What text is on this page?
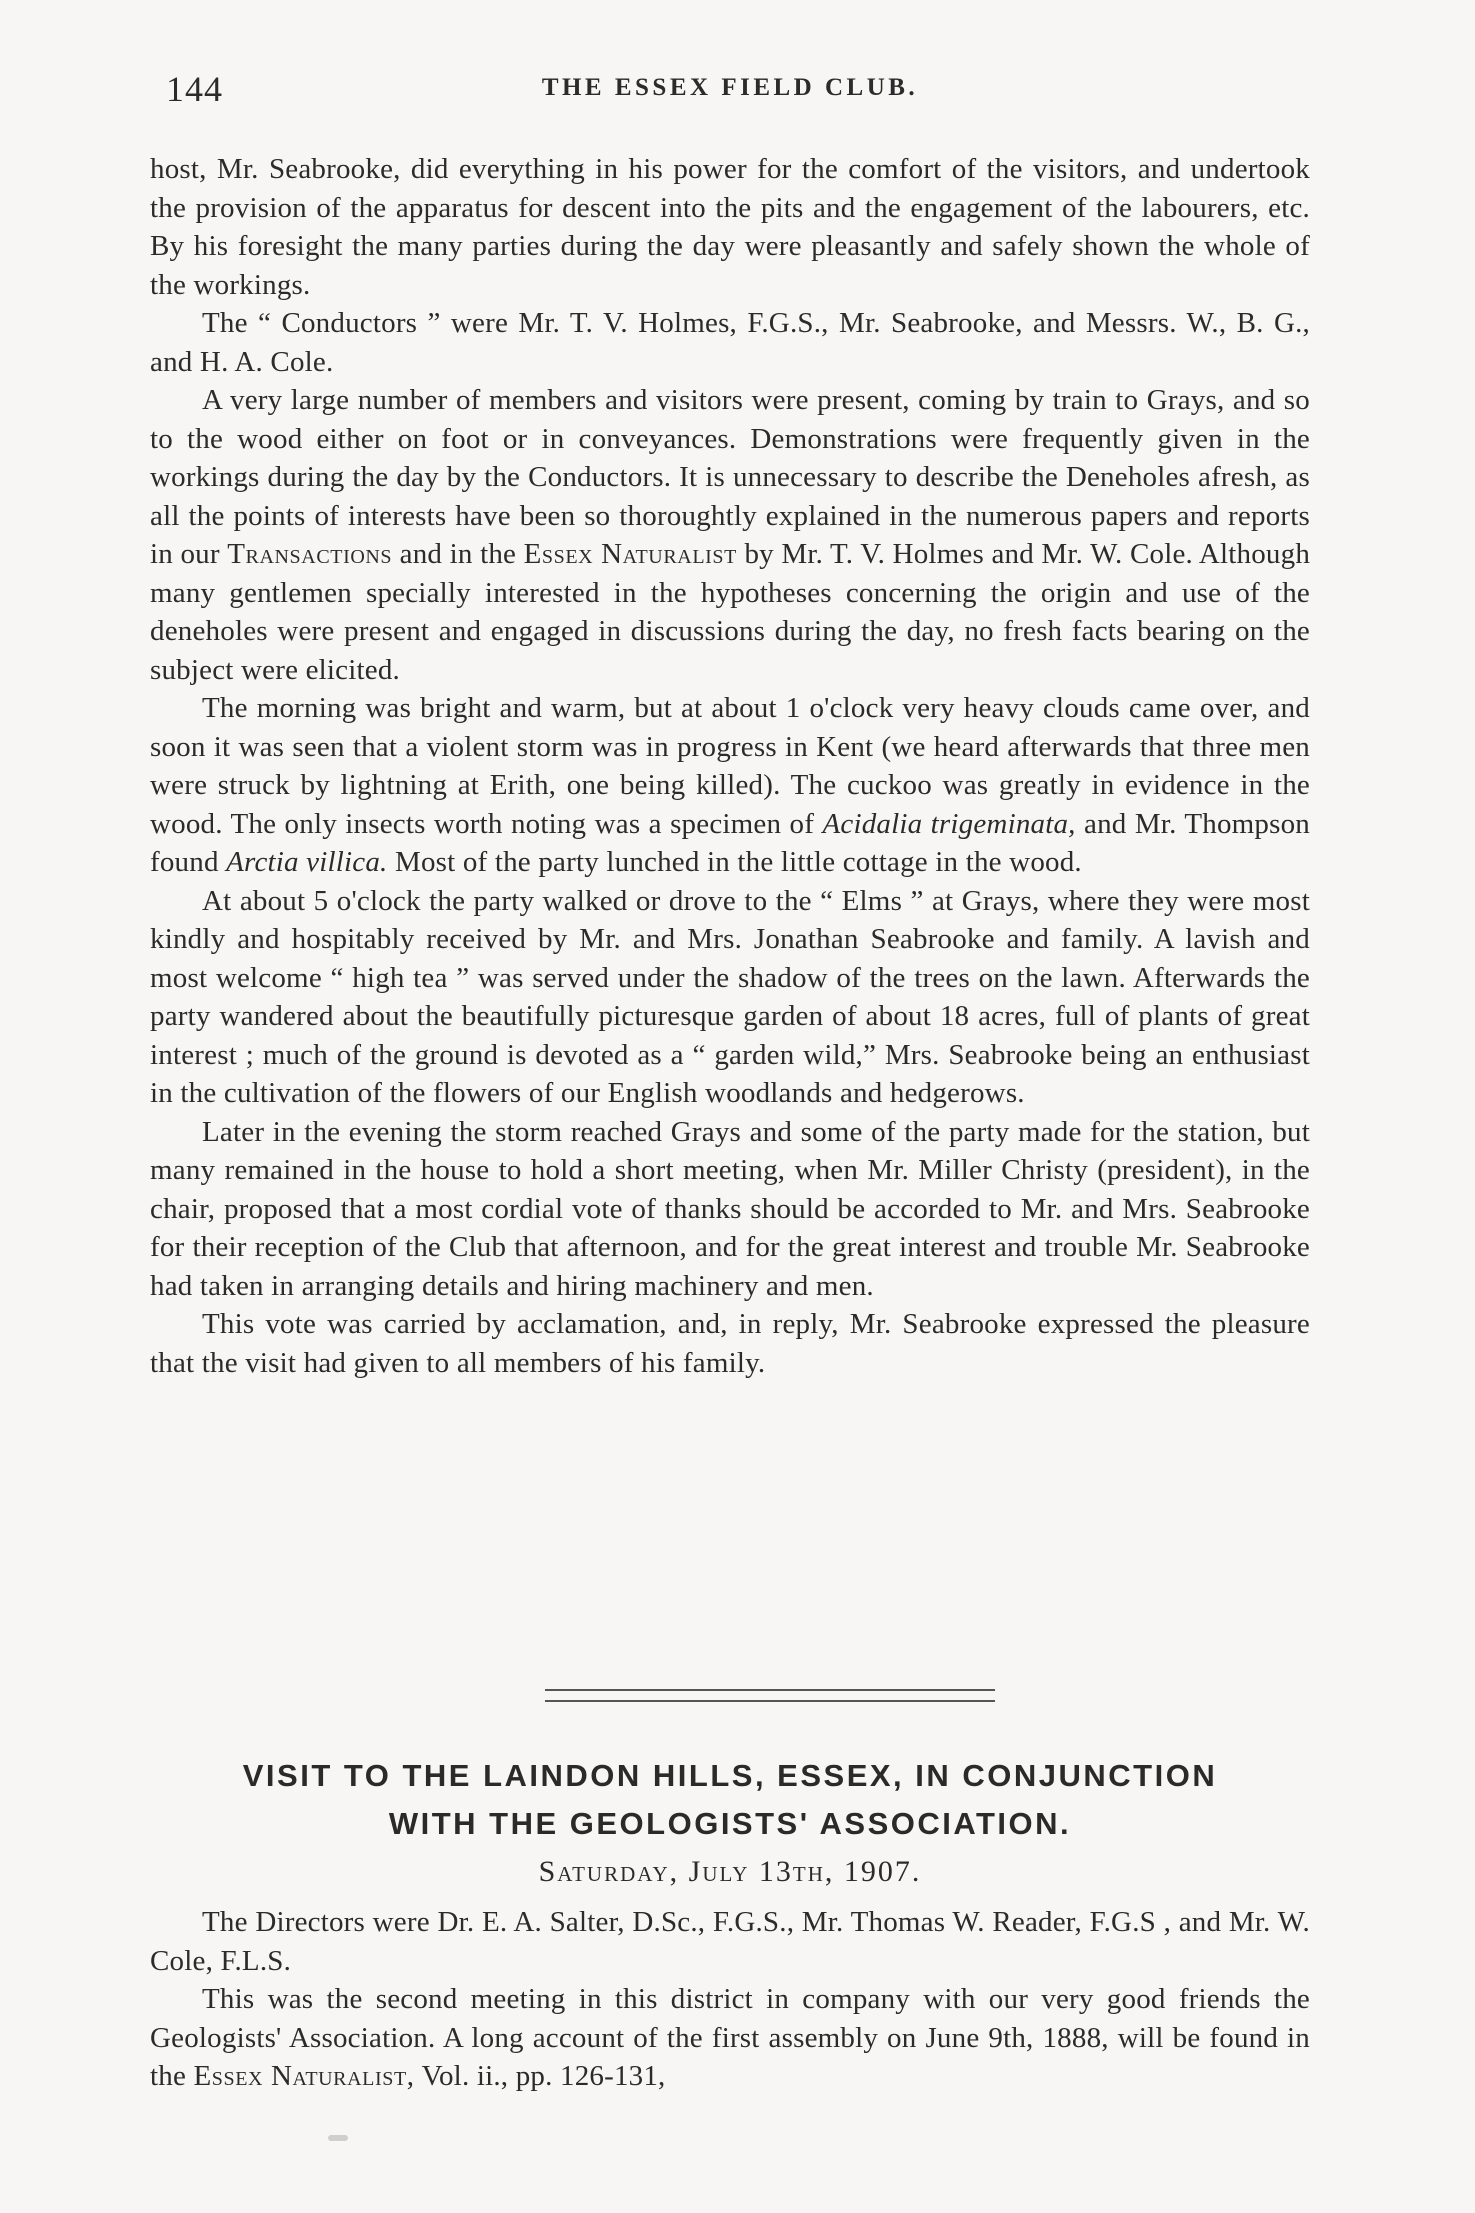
144	THE ESSEX FIELD CLUB.

host, Mr. Seabrooke, did everything in his power for the comfort of the visitors, and undertook the provision of the apparatus for descent into the pits and the engagement of the labourers, etc. By his foresight the many parties during the day were pleasantly and safely shown the whole of the workings.

The “ Conductors ” were Mr. T. V. Holmes, F.G.S., Mr. Seabrooke, and Messrs. W., B. G., and H. A. Cole.

A very large number of members and visitors were present, coming by train to Grays, and so to the wood either on foot or in conveyances. Demonstrations were frequently given in the workings during the day by the Conductors. It is unnecessary to describe the Deneholes afresh, as all the points of interests have been so thoroughtly explained in the numerous papers and reports in our Transactions and in the Essex Naturalist by Mr. T. V. Holmes and Mr. W. Cole. Although many gentlemen specially interested in the hypotheses concerning the origin and use of the deneholes were present and engaged in discussions during the day, no fresh facts bearing on the subject were elicited.

The morning was bright and warm, but at about 1 o'clock very heavy clouds came over, and soon it was seen that a violent storm was in progress in Kent (we heard afterwards that three men were struck by lightning at Erith, one being killed). The cuckoo was greatly in evidence in the wood. The only insects worth noting was a specimen of Acidalia trigeminata, and Mr. Thompson found Arctia villica. Most of the party lunched in the little cottage in the wood.

At about 5 o'clock the party walked or drove to the “ Elms ” at Grays, where they were most kindly and hospitably received by Mr. and Mrs. Jonathan Seabrooke and family. A lavish and most welcome “ high tea ” was served under the shadow of the trees on the lawn. Afterwards the party wandered about the beautifully picturesque garden of about 18 acres, full of plants of great interest ; much of the ground is devoted as a “ garden wild,” Mrs. Seabrooke being an enthusiast in the cultivation of the flowers of our English woodlands and hedgerows.

Later in the evening the storm reached Grays and some of the party made for the station, but many remained in the house to hold a short meeting, when Mr. Miller Christy (president), in the chair, proposed that a most cordial vote of thanks should be accorded to Mr. and Mrs. Seabrooke for their reception of the Club that afternoon, and for the great interest and trouble Mr. Seabrooke had taken in arranging details and hiring machinery and men.

This vote was carried by acclamation, and, in reply, Mr. Seabrooke expressed the pleasure that the visit had given to all members of his family.

VISIT TO THE LAINDON HILLS, ESSEX, IN CONJUNCTION
WITH THE GEOLOGISTS' ASSOCIATION.
Saturday, July 13th, 1907.

The Directors were Dr. E. A. Salter, D.Sc., F.G.S., Mr. Thomas W. Reader, F.G.S , and Mr. W. Cole, F.L.S.

This was the second meeting in this district in company with our very good friends the Geologists' Association. A long account of the first assembly on June 9th, 1888, will be found in the Essex Naturalist, Vol. ii., pp. 126-131,
